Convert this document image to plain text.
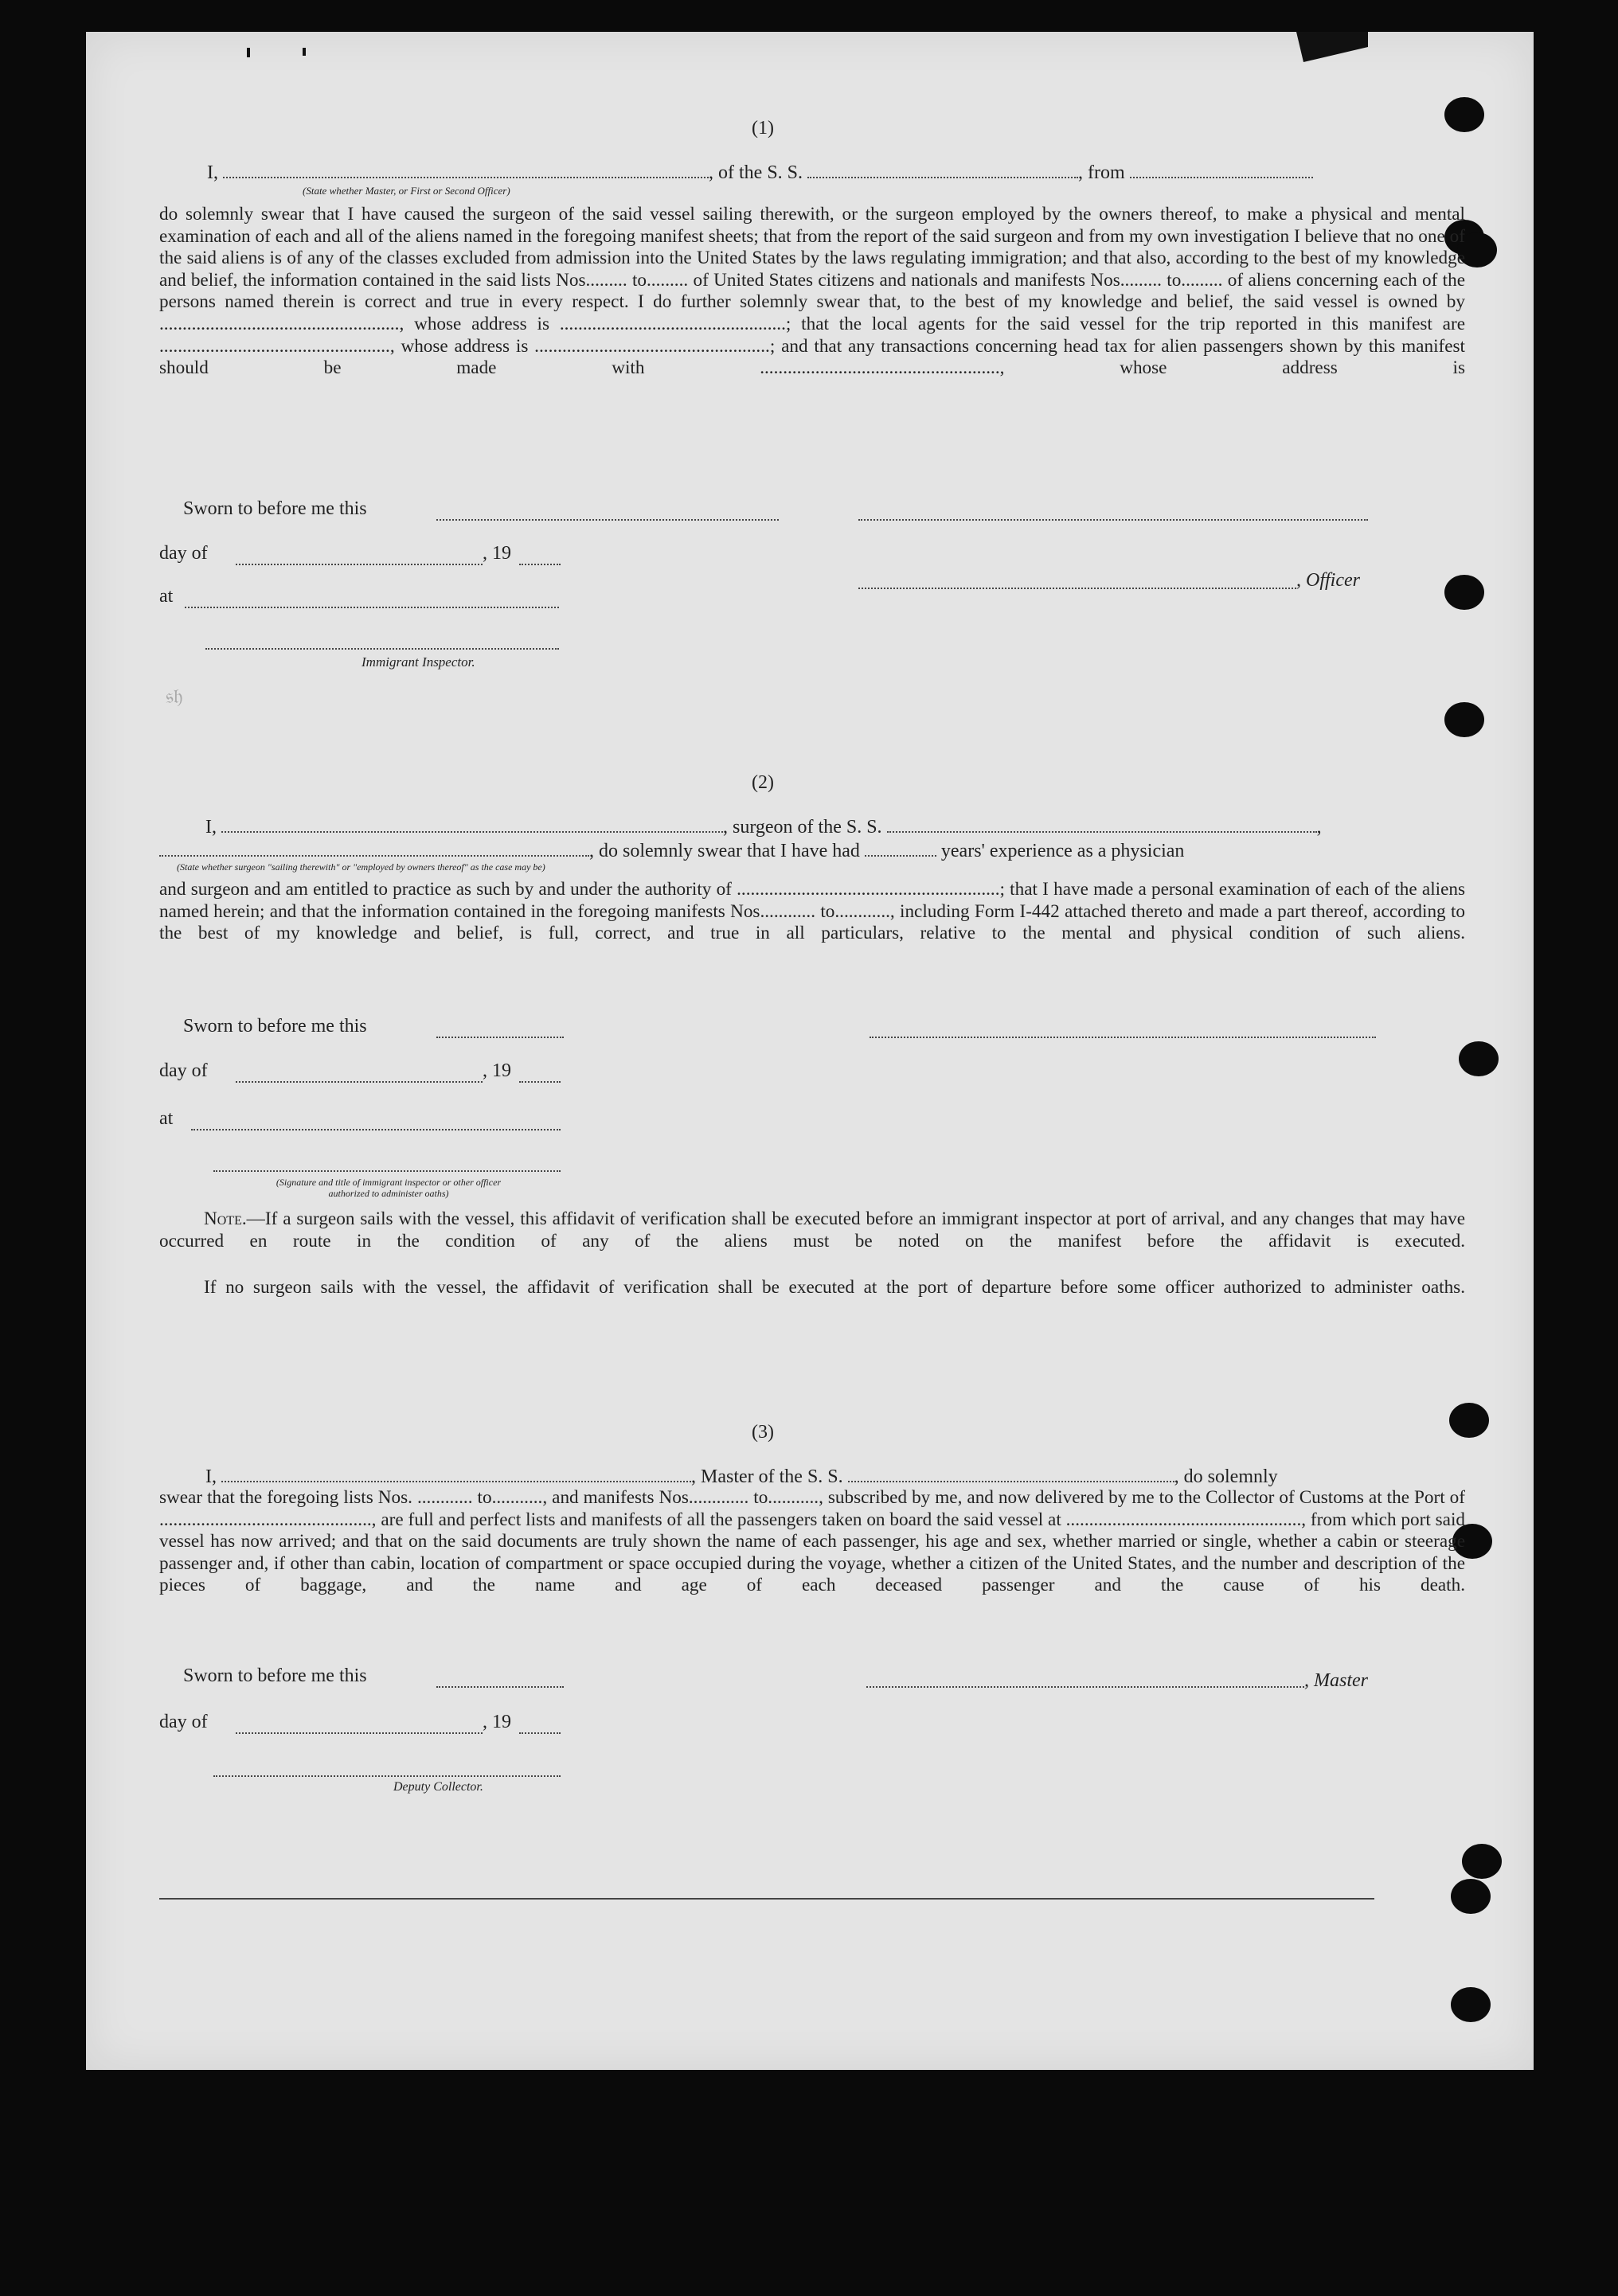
𝔰𝔥
(1)
I,	, of the S. S.	, from
(State whether Master, or First or Second Officer)
do solemnly swear that I have caused the surgeon of the said vessel sailing therewith, or the surgeon employed by the owners thereof, to make a physical and mental examination of each and all of the aliens named in the foregoing manifest sheets; that from the report of the said surgeon and from my own investigation I believe that no one of the said aliens is of any of the classes excluded from admission into the United States by the laws regulating immigration; and that also, according to the best of my knowledge and belief, the information contained in the said lists Nos......... to......... of United States citizens and nationals and manifests Nos......... to......... of aliens concerning each of the persons named therein is correct and true in every respect. I do further solemnly swear that, to the best of my knowledge and belief, the said vessel is owned by ...................................................., whose address is .................................................; that the local agents for the said vessel for the trip reported in this manifest are .................................................., whose address is ...................................................; and that any transactions concerning head tax for alien passengers shown by this manifest should be made with ...................................................., whose address is
Sworn to before me this
day of	, 19
, Officer
at
Immigrant Inspector.
(2)
I,	, surgeon of the S. S.	,
, do solemnly swear that I have had	years' experience as a physician
(State whether surgeon "sailing therewith" or "employed by owners thereof" as the case may be)
and surgeon and am entitled to practice as such by and under the authority of .........................................................; that I have made a personal examination of each of the aliens named herein; and that the information contained in the foregoing manifests Nos............ to............, including Form I-442 attached thereto and made a part thereof, according to the best of my knowledge and belief, is full, correct, and true in all particulars, relative to the mental and physical condition of such aliens.
Sworn to before me this
day of	, 19
at
(Signature and title of immigrant inspector or other officer authorized to administer oaths)
Note.—If a surgeon sails with the vessel, this affidavit of verification shall be executed before an immigrant inspector at port of arrival, and any changes that may have occurred en route in the condition of any of the aliens must be noted on the manifest before the affidavit is executed.
If no surgeon sails with the vessel, the affidavit of verification shall be executed at the port of departure before some officer authorized to administer oaths.
(3)
I,	, Master of the S. S.	, do solemnly
swear that the foregoing lists Nos. ............ to..........., and manifests Nos............. to..........., subscribed by me, and now delivered by me to the Collector of Customs at the Port of .............................................., are full and perfect lists and manifests of all the passengers taken on board the said vessel at ..................................................., from which port said vessel has now arrived; and that on the said documents are truly shown the name of each passenger, his age and sex, whether married or single, whether a cabin or steerage passenger and, if other than cabin, location of compartment or space occupied during the voyage, whether a citizen of the United States, and the number and description of the pieces of baggage, and the name and age of each deceased passenger and the cause of his death.
Sworn to before me this	, Master
day of	, 19
Deputy Collector.
